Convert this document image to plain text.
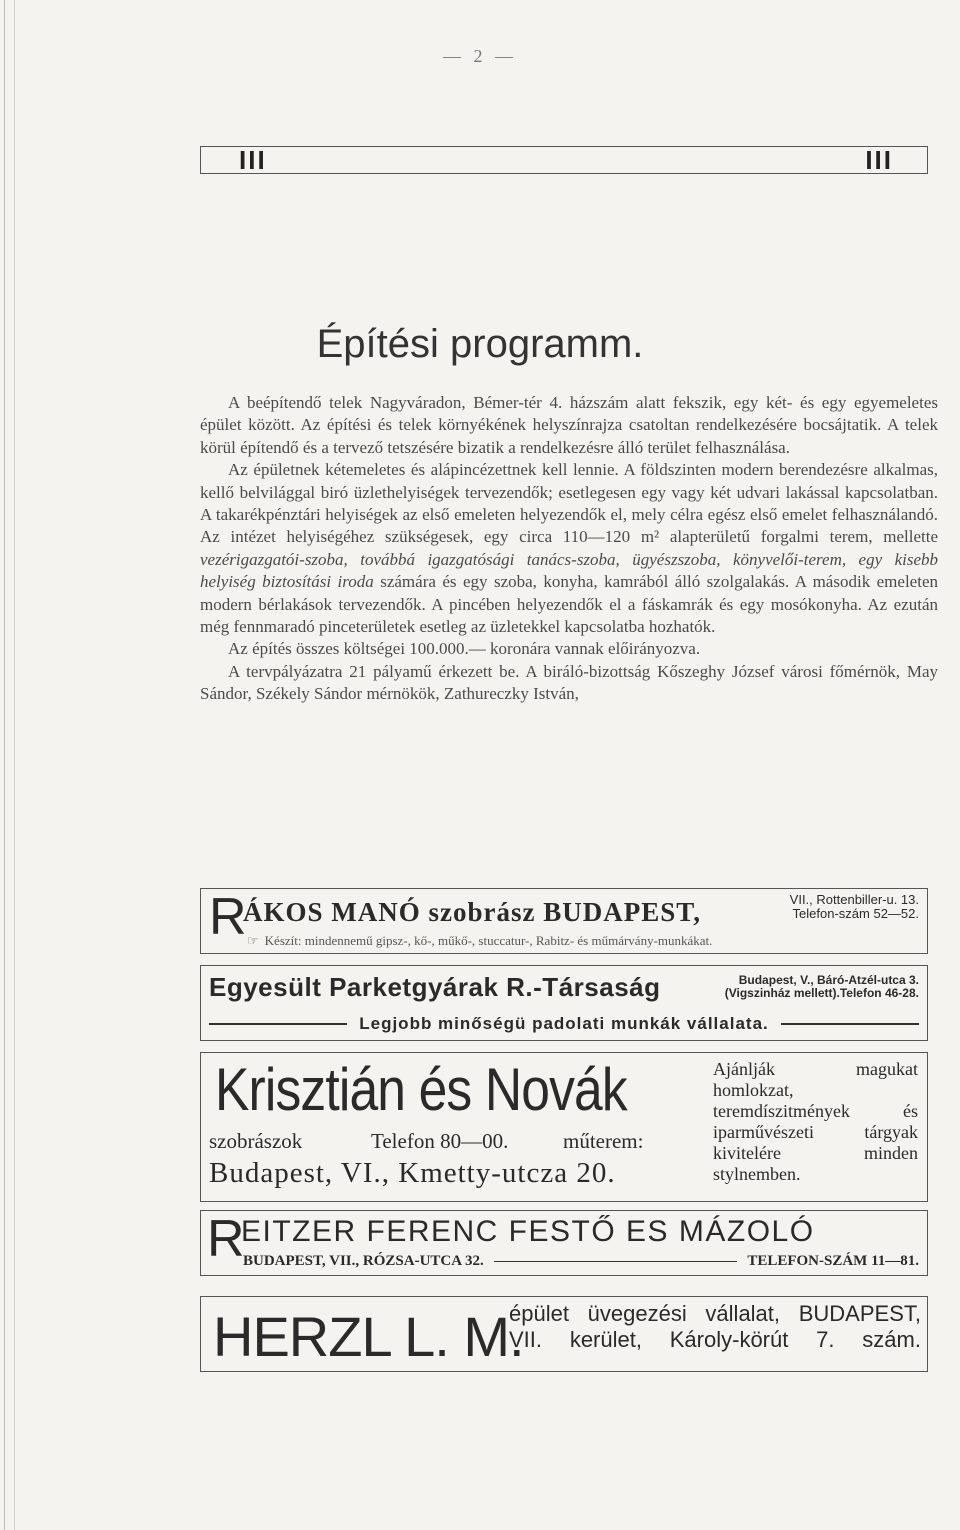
— 2 —
III	III
Építési programm.

A beépítendő telek Nagyváradon, Bémer-tér 4. házszám alatt fekszik, egy két- és egy egyemeletes épület között. Az építési és telek környékének helyszínrajza csatoltan rendelkezésére bocsájtatik. A telek körül építendő és a tervező tetszésére bizatik a rendelkezésre álló terület felhasználása.

Az épületnek kétemeletes és alápincézettnek kell lennie. A földszinten modern berendezésre alkalmas, kellő belvilággal biró üzlethelyiségek tervezendők; esetlegesen egy vagy két udvari lakással kapcsolatban. A takarékpénztári helyiségek az első emeleten helyezendők el, mely célra egész első emelet felhasználandó. Az intézet helyiségéhez szükségesek, egy circa 110—120 m² alapterületű forgalmi terem, mellette vezérigazgatói-szoba, továbbá igazgatósági tanács-szoba, ügyészszoba, könyvelői-terem, egy kisebb helyiség biztosítási iroda számára és egy szoba, konyha, kamrából álló szolgalakás. A második emeleten modern bérlakások tervezendők. A pincében helyezendők el a fáskamrák és egy mosókonyha. Az ezután még fennmaradó pinceterületek esetleg az üzletekkel kapcsolatba hozhatók.

Az építés összes költségei 100.000.— koronára vannak előirányozva.

A tervpályázatra 21 pályamű érkezett be. A biráló-bizottság Kőszeghy József városi főmérnök, May Sándor, Székely Sándor mérnökök, Zathureczky István,

R
ÁKOS MANÓ szobrász BUDAPEST,	VII., Rottenbiller-u. 13.
Telefon-szám 52—52.
☞ Készít: mindennemű gipsz-, kő-, műkő-, stuccatur-, Rabitz- és műmárvány-munkákat.
Egyesült Parketgyárak R.-Társaság	Budapest, V., Báró-Atzél-utca 3.
(Vigszinház mellett).Telefon 46-28.
Legjobb minőségü padolati munkák vállalata.
Krisztián és Novák
szobrászok	Telefon 80—00.	műterem:
Budapest, VI., Kmetty-utcza 20.
Ajánlják magukat homlokzat, teremdíszitmények és iparművészeti tárgyak kivitelére minden stylnemben.
R
EITZER FERENC FESTŐ ES MÁZOLÓ
BUDAPEST, VII., RÓZSA-UTCA 32.	TELEFON-SZÁM 11—81.
HERZL L. M.
épület üvegezési vállalat, BUDAPEST, VII. kerület, Károly-körút 7. szám.
